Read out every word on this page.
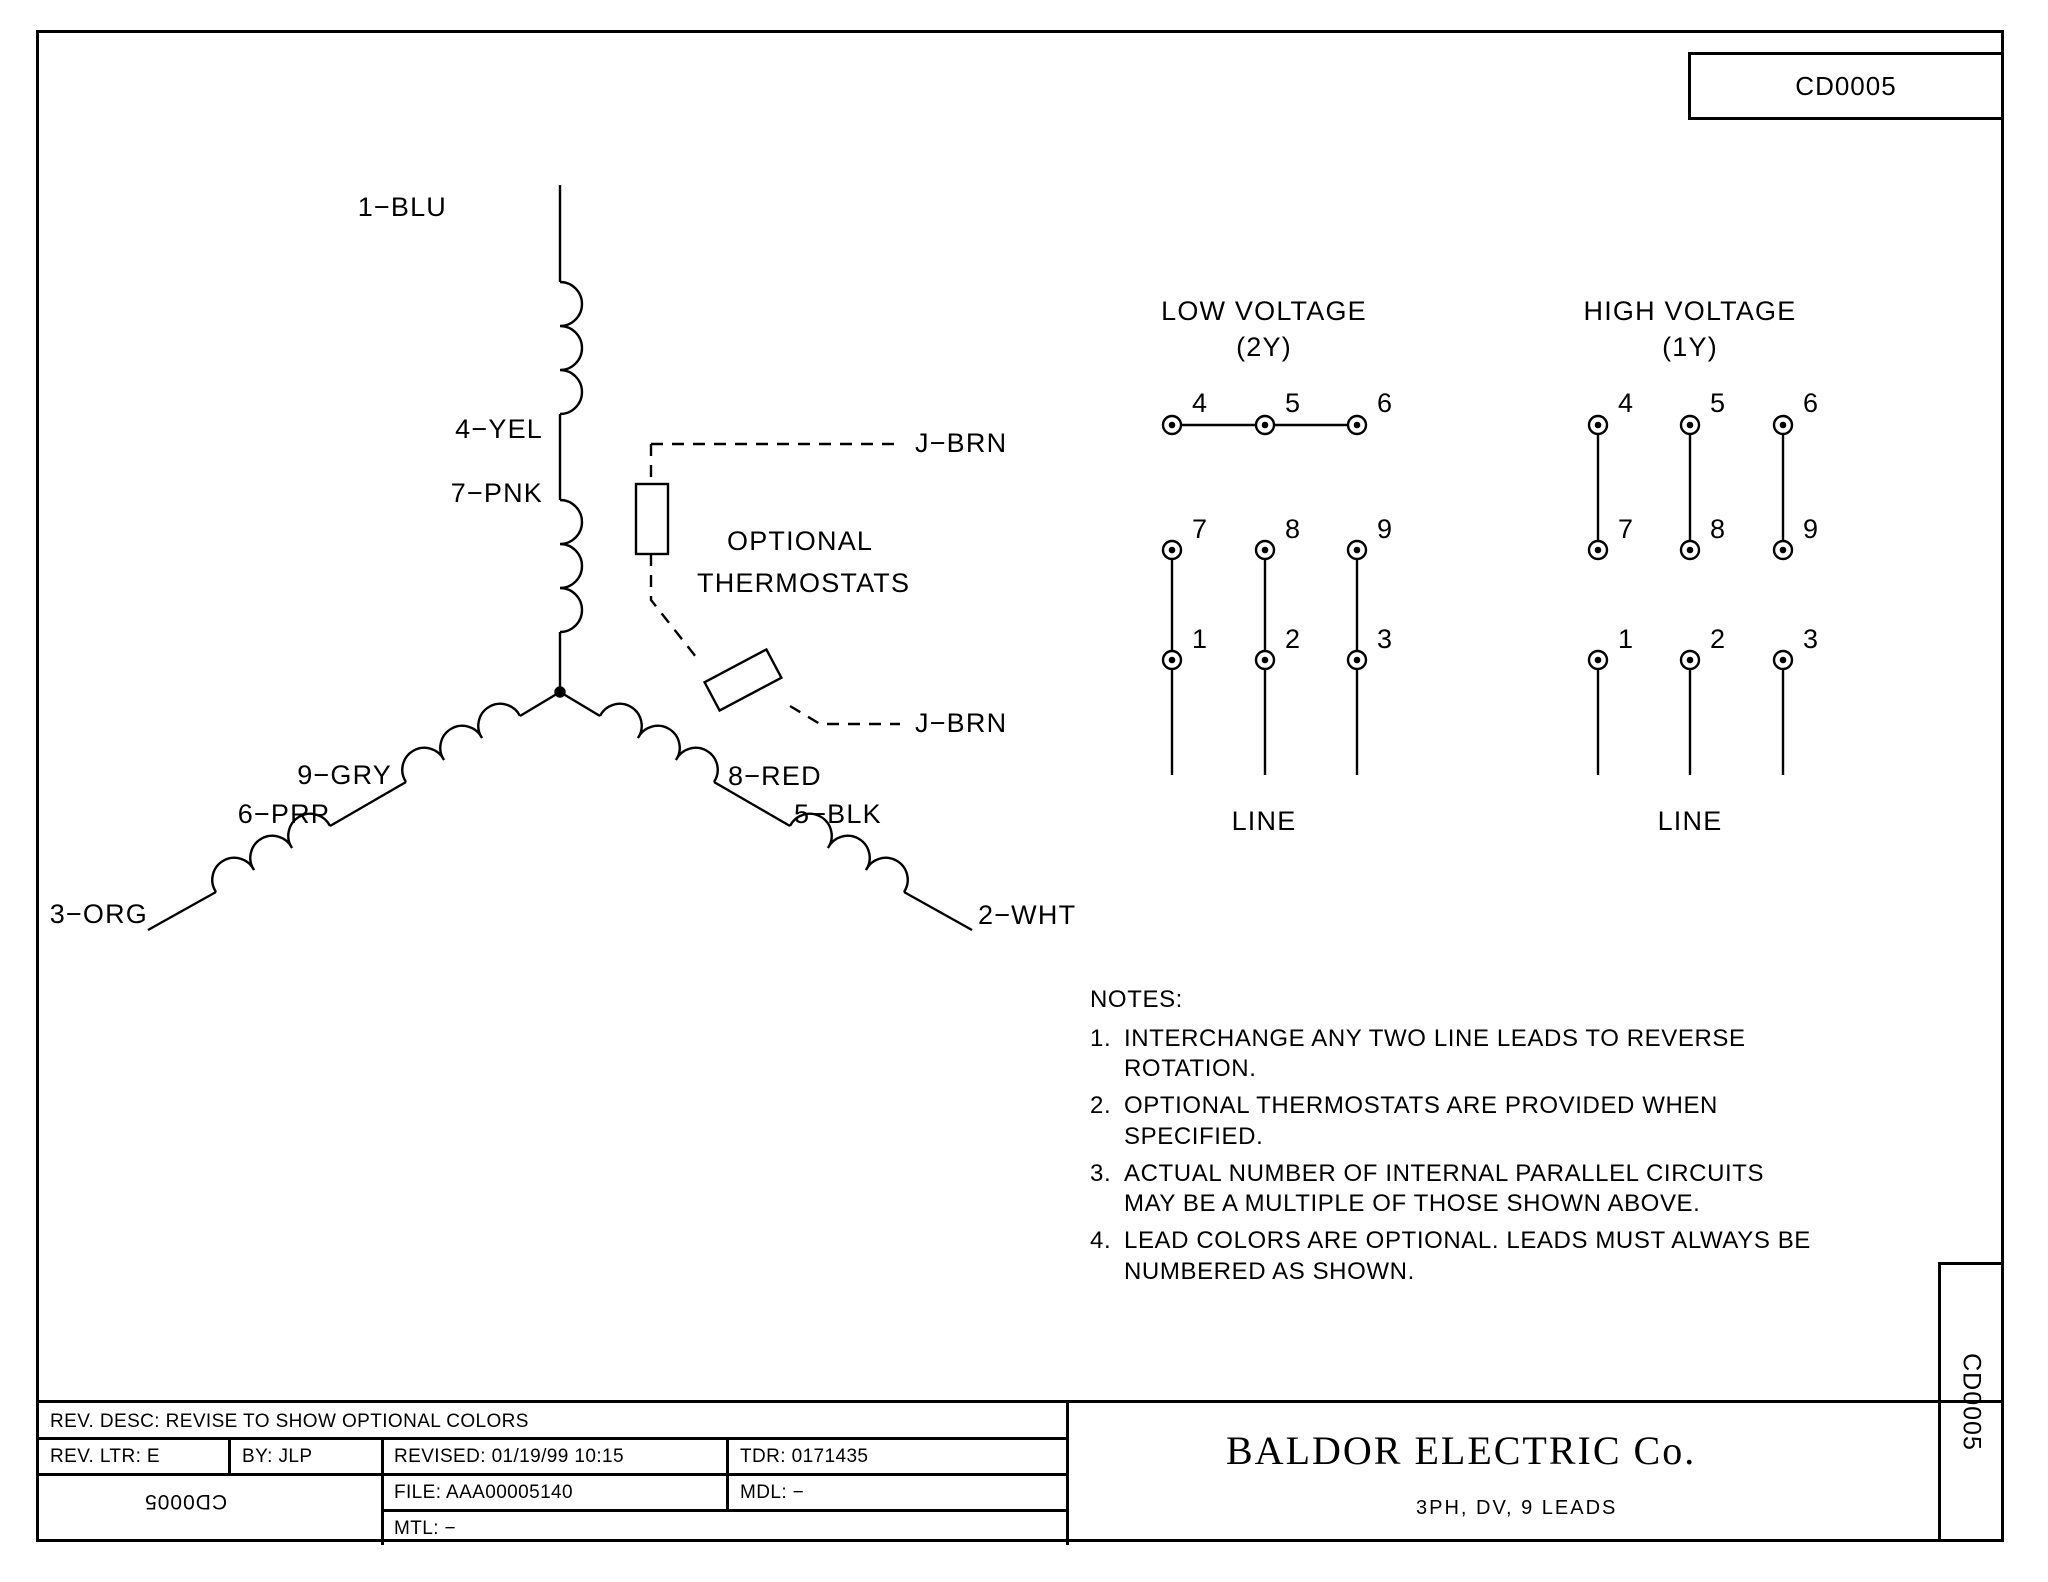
CD0005
CD0005
1−BLU
4−YEL
7−PNK
9−GRY
6−PRP
3−ORG
8−RED
5−BLK
2−WHT
J−BRN
J−BRN
OPTIONAL
THERMOSTATS
LOW VOLTAGE
(2Y)
HIGH VOLTAGE
(1Y)
4	5	6
7	8	9
1	2	3
LINE
4	5	6
7	8	9
1	2	3
LINE
NOTES:
1. INTERCHANGE ANY TWO LINE LEADS TO REVERSE
ROTATION.
2. OPTIONAL THERMOSTATS ARE PROVIDED WHEN
SPECIFIED.
3. ACTUAL NUMBER OF INTERNAL PARALLEL CIRCUITS
MAY BE A MULTIPLE OF THOSE SHOWN ABOVE.
4. LEAD COLORS ARE OPTIONAL. LEADS MUST ALWAYS BE
NUMBERED AS SHOWN.
REV. DESC: REVISE TO SHOW OPTIONAL COLORS
REV. LTR: E	BY: JLP	REVISED: 01/19/99 10:15	TDR: 0171435
FILE: AAA00005140	MDL: −
MTL: −
CD0005
BALDOR ELECTRIC Co.
3PH, DV, 9 LEADS
